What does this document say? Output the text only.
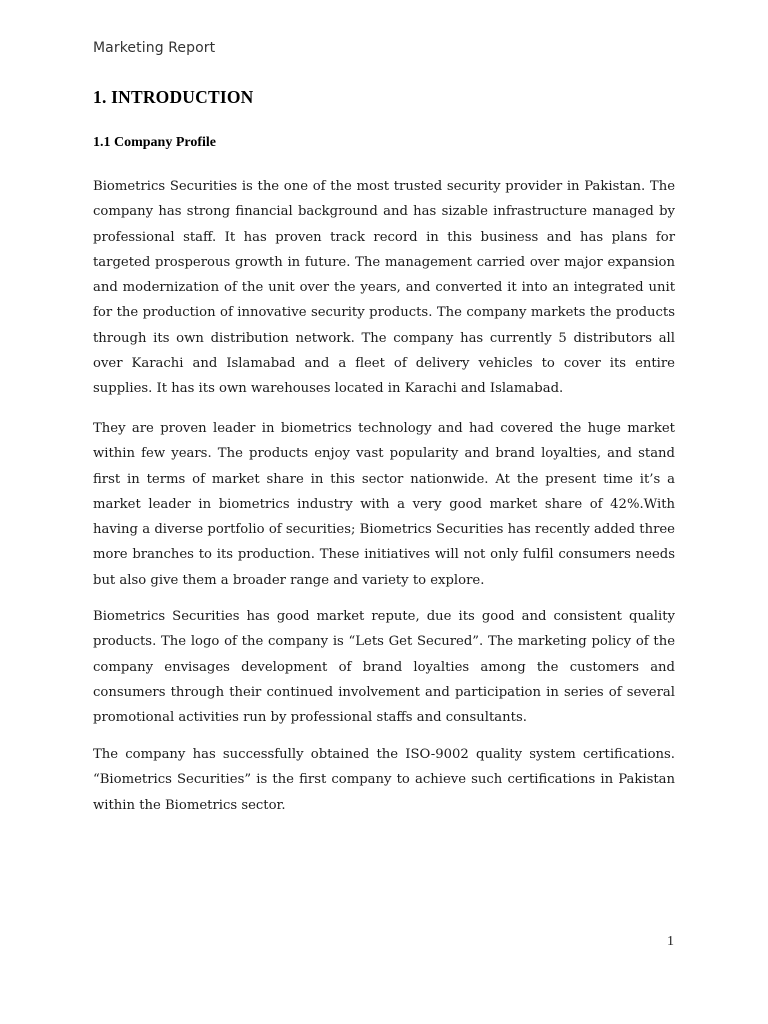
Marketing Report
1. INTRODUCTION
1.1 Company Profile

Biometrics Securities is the one of the most trusted security provider in Pakistan. The company has strong financial background and has sizable infrastructure managed by professional staff. It has proven track record in this business and has plans for targeted prosperous growth in future. The management carried over major expansion and modernization of the unit over the years, and converted it into an integrated unit for the production of innovative security products. The company markets the products through its own distribution network. The company has currently 5 distributors all over Karachi and Islamabad and a fleet of delivery vehicles to cover its entire supplies. It has its own warehouses located in Karachi and Islamabad.

They are proven leader in biometrics technology and had covered the huge market within few years. The products enjoy vast popularity and brand loyalties, and stand first in terms of market share in this sector nationwide. At the present time it’s a market leader in biometrics industry with a very good market share of 42%.With having a diverse portfolio of securities; Biometrics Securities has recently added three more branches to its production. These initiatives will not only fulfil consumers needs but also give them a broader range and variety to explore.

Biometrics Securities has good market repute, due its good and consistent quality products. The logo of the company is “Lets Get Secured”. The marketing policy of the company envisages development of brand loyalties among the customers and consumers through their continued involvement and participation in series of several promotional activities run by professional staffs and consultants.

The company has successfully obtained the ISO-9002 quality system certifications. “Biometrics Securities” is the first company to achieve such certifications in Pakistan within the Biometrics sector.

1
